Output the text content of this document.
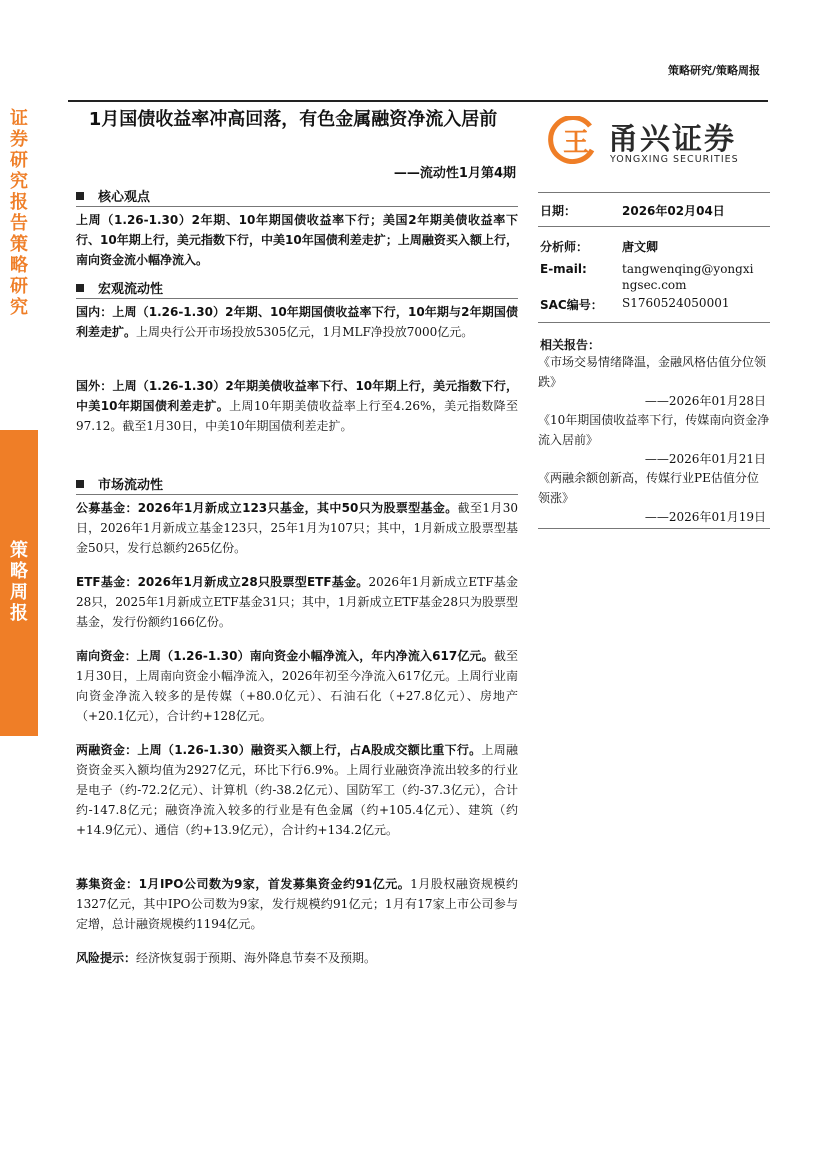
证券研究报告 策略研究
策略周报
策略研究/策略周报
1月国债收益率冲高回落，有色金属融资净流入居前
——流动性1月第4期
王 甬兴证券
YONGXING SECURITIES
核心观点
上周（1.26-1.30）2年期、10年期国债收益率下行；美国2年期美债收益率下行、10年期上行，美元指数下行，中美10年国债利差走扩；上周融资买入额上行，南向资金流小幅净流入。
宏观流动性
国内：上周（1.26-1.30）2年期、10年期国债收益率下行，10年期与2年期国债利差走扩。上周央行公开市场投放5305亿元，1月MLF净投放7000亿元。
国外：上周（1.26-1.30）2年期美债收益率下行、10年期上行，美元指数下行，中美10年期国债利差走扩。上周10年期美债收益率上行至4.26%，美元指数降至97.12。截至1月30日，中美10年期国债利差走扩。
市场流动性
公募基金：2026年1月新成立123只基金，其中50只为股票型基金。截至1月30日，2026年1月新成立基金123只，25年1月为107只；其中，1月新成立股票型基金50只，发行总额约265亿份。
ETF基金：2026年1月新成立28只股票型ETF基金。2026年1月新成立ETF基金28只，2025年1月新成立ETF基金31只；其中，1月新成立ETF基金28只为股票型基金，发行份额约166亿份。
南向资金：上周（1.26-1.30）南向资金小幅净流入，年内净流入617亿元。截至1月30日，上周南向资金小幅净流入，2026年初至今净流入617亿元。上周行业南向资金净流入较多的是传媒（+80.0亿元）、石油石化（+27.8亿元）、房地产（+20.1亿元），合计约+128亿元。
两融资金：上周（1.26-1.30）融资买入额上行，占A股成交额比重下行。上周融资资金买入额均值为2927亿元，环比下行6.9%。上周行业融资净流出较多的行业是电子（约-72.2亿元）、计算机（约-38.2亿元）、国防军工（约-37.3亿元），合计约-147.8亿元；融资净流入较多的行业是有色金属（约+105.4亿元）、建筑（约+14.9亿元）、通信（约+13.9亿元），合计约+134.2亿元。
募集资金：1月IPO公司数为9家，首发募集资金约91亿元。1月股权融资规模约1327亿元，其中IPO公司数为9家，发行规模约91亿元；1月有17家上市公司参与定增，总计融资规模约1194亿元。
风险提示：经济恢复弱于预期、海外降息节奏不及预期。
日期：	2026年02月04日
分析师：	唐文卿
E-mail:	tangwenqing@yongxi
ngsec.com
SAC编号： S1760524050001
相关报告：
《市场交易情绪降温，金融风格估值分位领跌》
——2026年01月28日
《10年期国债收益率下行，传媒南向资金净流入居前》
——2026年01月21日
《两融余额创新高，传媒行业PE估值分位领涨》
——2026年01月19日
